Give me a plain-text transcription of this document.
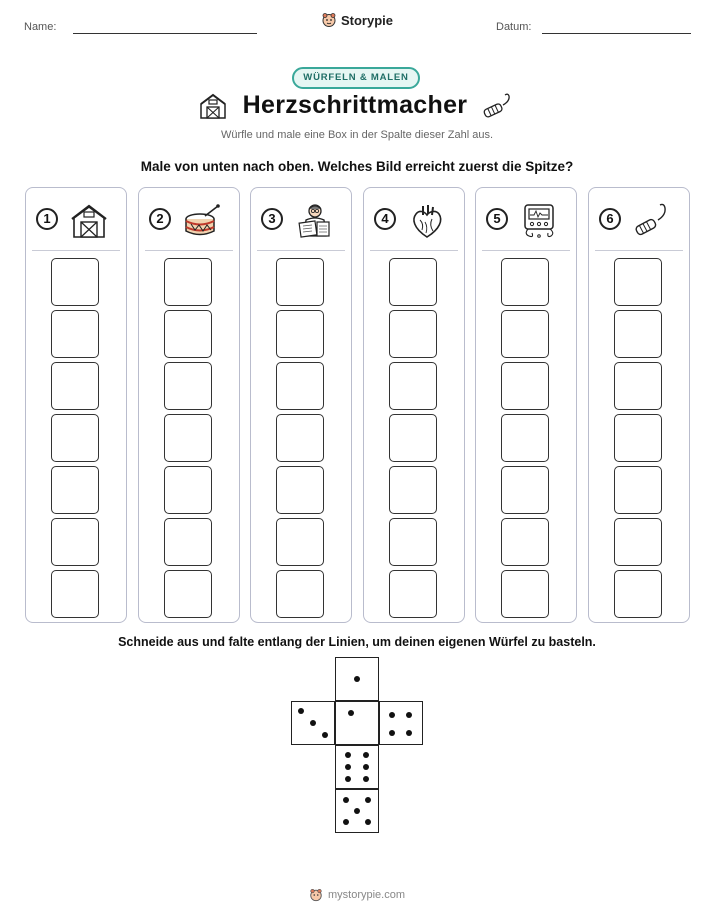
Name:	Datum:
Storypie
WÜRFELN & MALEN
Herzschrittmacher
Würfle und male eine Box in der Spalte dieser Zahl aus.
Male von unten nach oben. Welches Bild erreicht zuerst die Spitze?
1	2	3	4	5	6
Schneide aus und falte entlang der Linien, um deinen eigenen Würfel zu basteln.
mystorypie.com
